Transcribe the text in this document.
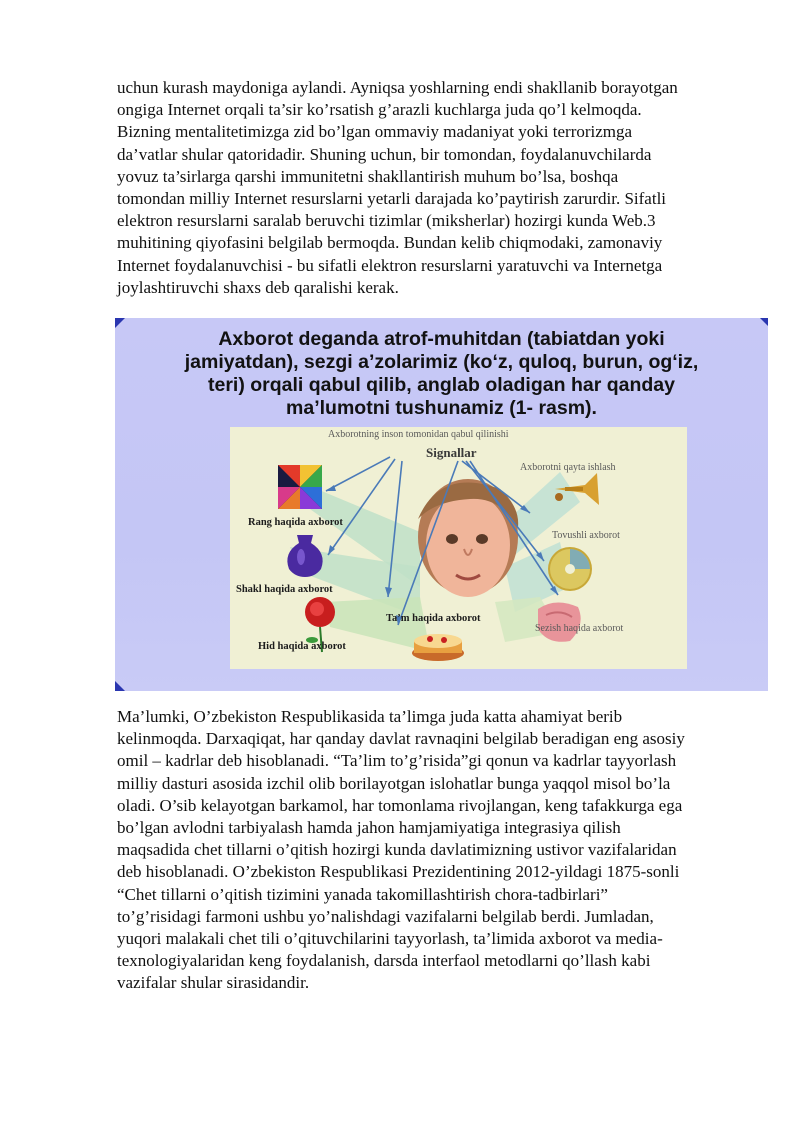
uchun kurash maydoniga aylandi. Ayniqsa yoshlarning endi shakllanib borayotgan
ongiga Internet orqali ta’sir ko’rsatish g’arazli kuchlarga juda qo’l kelmoqda.
Bizning mentalitetimizga zid bo’lgan ommaviy madaniyat yoki terrorizmga
da’vatlar shular qatoridadir. Shuning uchun, bir tomondan, foydalanuvchilarda
yovuz ta’sirlarga qarshi immunitetni shakllantirish muhum bo’lsa, boshqa
tomondan milliy Internet resurslarni yetarli darajada ko’paytirish zarurdir. Sifatli
elektron resurslarni saralab beruvchi tizimlar (miksherlar) hozirgi kunda Web.3
muhitining qiyofasini belgilab bermoqda. Bundan kelib chiqmodaki, zamonaviy
Internet foydalanuvchisi - bu sifatli elektron resurslarni yaratuvchi va Internetga
joylashtiruvchi shaxs deb qaralishi kerak.
Axborot deganda atrof-muhitdan (tabiatdan yoki
jamiyatdan), sezgi a’zolarimiz (ko‘z, quloq, burun, og‘iz,
teri) orqali qabul qilib, anglab oladigan har qanday
ma’lumotni tushunamiz (1- rasm).
Axborotning inson tomonidan qabul qilinishi
Signallar
Rang haqida axborot
Shakl haqida axborot
Hid haqida axborot
Ta’m haqida axborot
Axborotni qayta ishlash
Tovushli axborot
Sezish haqida axborot
Ma’lumki, O’zbekiston Respublikasida ta’limga juda katta ahamiyat berib
kelinmoqda. Darxaqiqat, har qanday davlat ravnaqini belgilab beradigan eng asosiy
omil – kadrlar deb hisoblanadi. “Ta’lim to’g’risida”gi qonun va kadrlar tayyorlash
milliy dasturi asosida izchil olib borilayotgan islohatlar bunga yaqqol misol bo’la
oladi. O’sib kelayotgan barkamol, har tomonlama rivojlangan, keng tafakkurga ega
bo’lgan avlodni tarbiyalash hamda jahon hamjamiyatiga integrasiya qilish
maqsadida chet tillarni o’qitish hozirgi kunda davlatimizning ustivor vazifalaridan
deb hisoblanadi. O’zbekiston Respublikasi Prezidentining 2012-yildagi 1875-sonli
“Chet tillarni o’qitish tizimini yanada takomillashtirish chora-tadbirlari”
to’g’risidagi farmoni ushbu yo’nalishdagi vazifalarni belgilab berdi. Jumladan,
yuqori malakali chet tili o’qituvchilarini tayyorlash, ta’limida axborot va media-
texnologiyalaridan keng foydalanish, darsda interfaol metodlarni qo’llash kabi
vazifalar shular sirasidandir.
